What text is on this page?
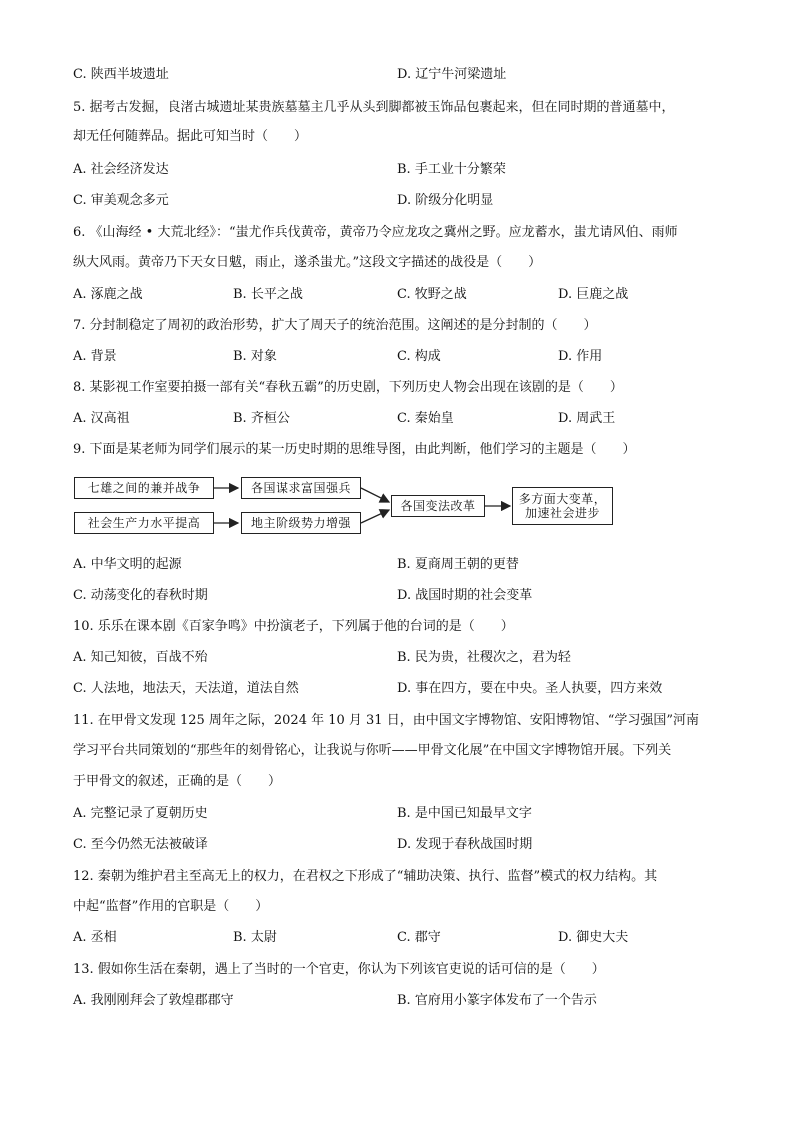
C. 陕西半坡遗址	D. 辽宁牛河梁遗址
5. 据考古发掘，良渚古城遗址某贵族墓墓主几乎从头到脚都被玉饰品包裹起来，但在同时期的普通墓中，
却无任何随葬品。据此可知当时（　　）
A. 社会经济发达	B. 手工业十分繁荣
C. 审美观念多元	D. 阶级分化明显
6. 《山海经 • 大荒北经》：“蚩尤作兵伐黄帝，黄帝乃令应龙攻之冀州之野。应龙蓄水，蚩尤请风伯、雨师
纵大风雨。黄帝乃下天女日魃，雨止，遂杀蚩尤。”这段文字描述的战役是（　　）
A. 涿鹿之战	B. 长平之战	C. 牧野之战	D. 巨鹿之战
7. 分封制稳定了周初的政治形势，扩大了周天子的统治范围。这阐述的是分封制的（　　）
A. 背景	B. 对象	C. 构成	D. 作用
8. 某影视工作室要拍摄一部有关“春秋五霸”的历史剧，下列历史人物会出现在该剧的是（　　）
A. 汉高祖	B. 齐桓公	C. 秦始皇	D. 周武王
9. 下面是某老师为同学们展示的某一历史时期的思维导图，由此判断，他们学习的主题是（　　）
七雄之间的兼并战争
社会生产力水平提高
各国谋求富国强兵
地主阶级势力增强
各国变法改革	多方面大变革，
加速社会进步
A. 中华文明的起源	B. 夏商周王朝的更替
C. 动荡变化的春秋时期	D. 战国时期的社会变革
10. 乐乐在课本剧《百家争鸣》中扮演老子，下列属于他的台词的是（　　）
A. 知己知彼，百战不殆	B. 民为贵，社稷次之，君为轻
C. 人法地，地法天，天法道，道法自然	D. 事在四方，要在中央。圣人执要，四方来效
11. 在甲骨文发现 125 周年之际，2024 年 10 月 31 日，由中国文字博物馆、安阳博物馆、“学习强国”河南
学习平台共同策划的“那些年的刻骨铭心，让我说与你听——甲骨文化展”在中国文字博物馆开展。下列关
于甲骨文的叙述，正确的是（　　）
A. 完整记录了夏朝历史	B. 是中国已知最早文字
C. 至今仍然无法被破译	D. 发现于春秋战国时期
12. 秦朝为维护君主至高无上的权力，在君权之下形成了“辅助决策、执行、监督”模式的权力结构。其
中起“监督”作用的官职是（　　）
A. 丞相	B. 太尉	C. 郡守	D. 御史大夫
13. 假如你生活在秦朝，遇上了当时的一个官吏，你认为下列该官吏说的话可信的是（　　）
A. 我刚刚拜会了敦煌郡郡守	B. 官府用小篆字体发布了一个告示
